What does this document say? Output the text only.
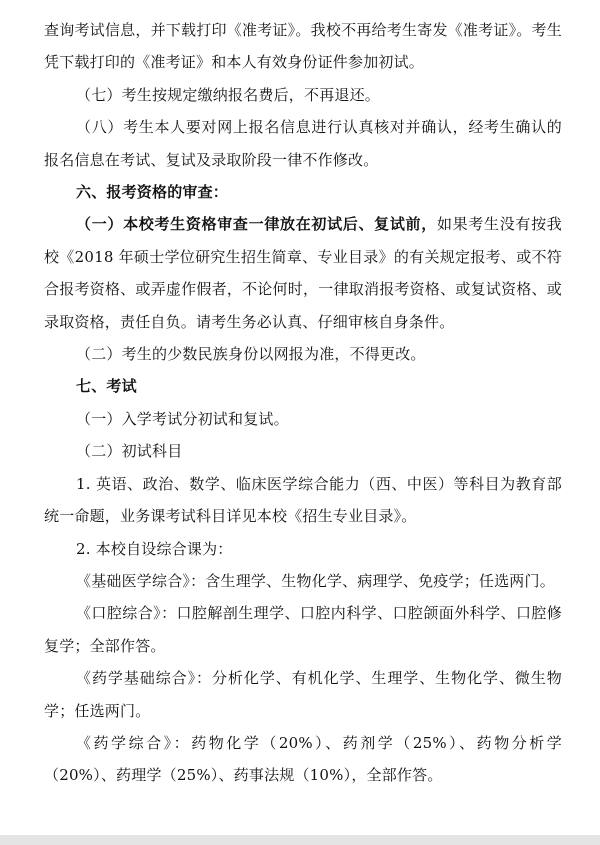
查询考试信息，并下载打印《准考证》。我校不再给考生寄发《准考证》。考生凭下载打印的《准考证》和本人有效身份证件参加初试。

（七）考生按规定缴纳报名费后，不再退还。

（八）考生本人要对网上报名信息进行认真核对并确认，经考生确认的报名信息在考试、复试及录取阶段一律不作修改。

六、报考资格的审查：

（一）本校考生资格审查一律放在初试后、复试前，如果考生没有按我校《2018 年硕士学位研究生招生简章、专业目录》的有关规定报考、或不符合报考资格、或弄虚作假者，不论何时，一律取消报考资格、或复试资格、或录取资格，责任自负。请考生务必认真、仔细审核自身条件。

（二）考生的少数民族身份以网报为准，不得更改。

七、考试

（一）入学考试分初试和复试。

（二）初试科目

1. 英语、政治、数学、临床医学综合能力（西、中医）等科目为教育部统一命题，业务课考试科目详见本校《招生专业目录》。

2. 本校自设综合课为：

《基础医学综合》：含生理学、生物化学、病理学、免疫学；任选两门。

《口腔综合》：口腔解剖生理学、口腔内科学、口腔颌面外科学、口腔修复学；全部作答。

《药学基础综合》：分析化学、有机化学、生理学、生物化学、微生物学；任选两门。

《药学综合》：药物化学（20%）、药剂学（25%）、药物分析学（20%）、药理学（25%）、药事法规（10%），全部作答。
